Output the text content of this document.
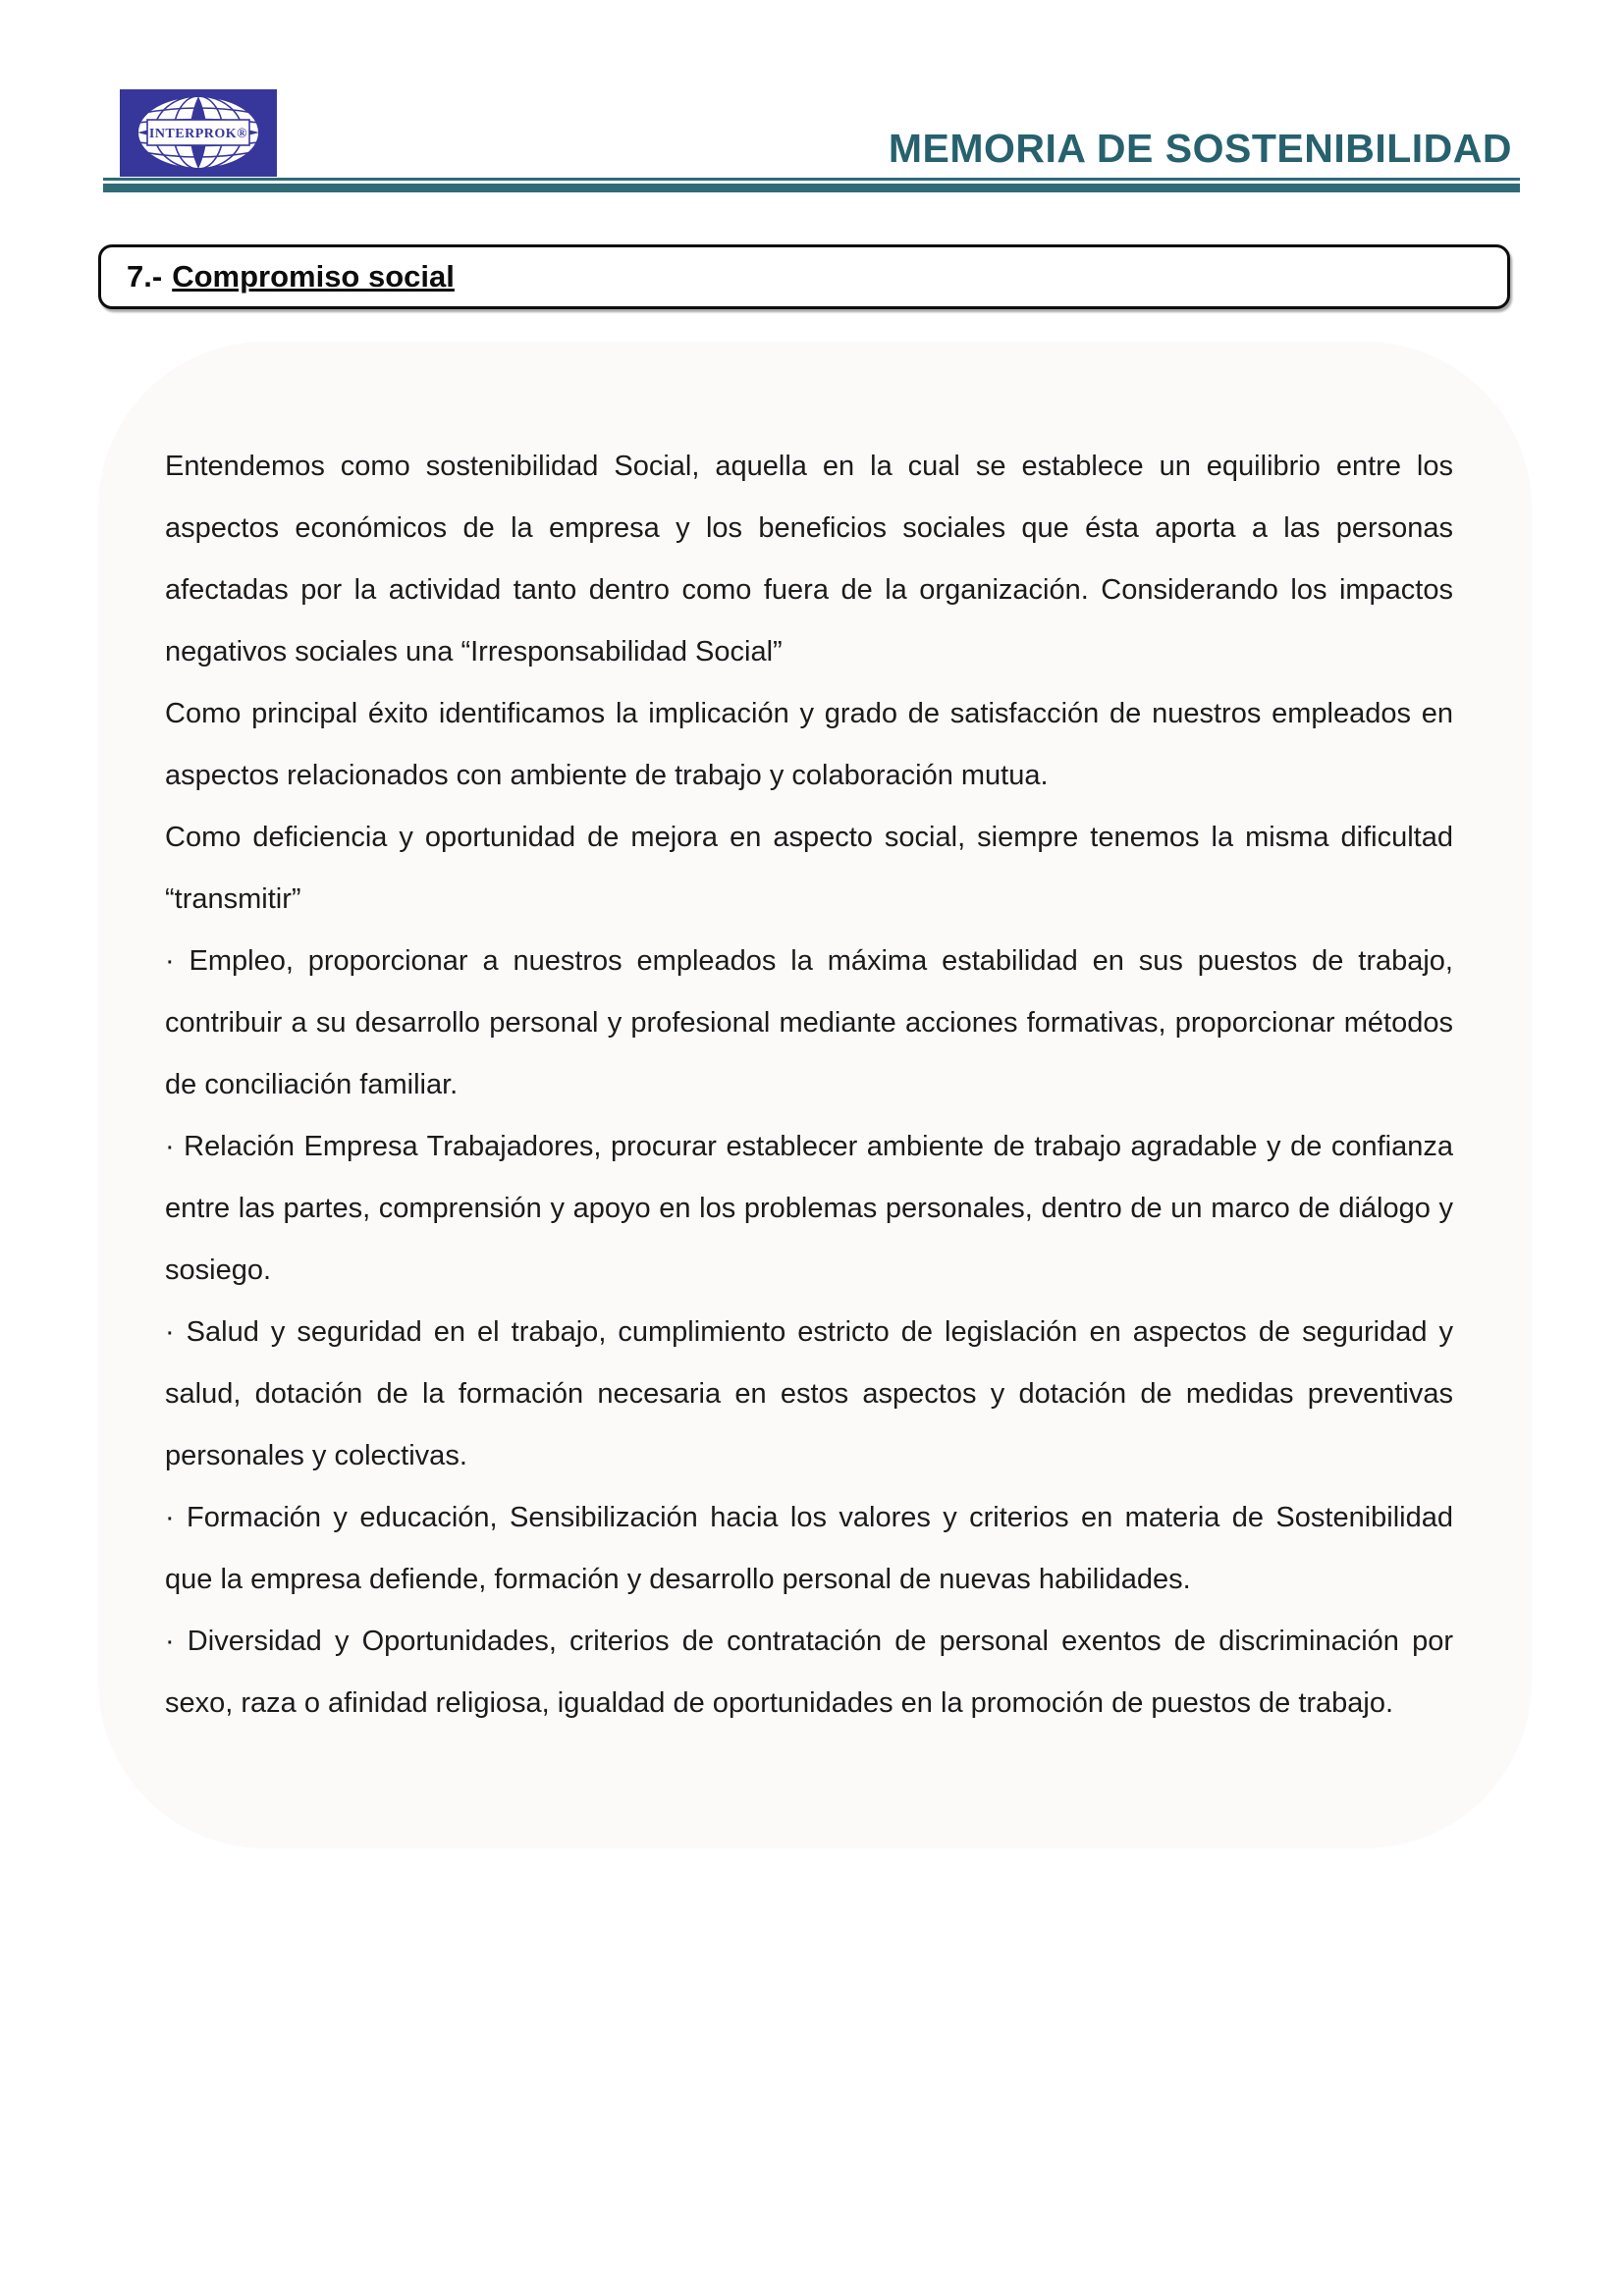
INTERPROK®	MEMORIA DE SOSTENIBILIDAD
7.- Compromiso social

Entendemos como sostenibilidad Social, aquella en la cual se establece un equilibrio entre los aspectos económicos de la empresa y los beneficios sociales que ésta aporta a las personas afectadas por la actividad tanto dentro como fuera de la organización. Considerando los impactos negativos sociales una “Irresponsabilidad Social”

Como principal éxito identificamos la implicación y grado de satisfacción de nuestros empleados en aspectos relacionados con ambiente de trabajo y colaboración mutua.

Como deficiencia y oportunidad de mejora en aspecto social, siempre tenemos la misma dificultad “transmitir”

· Empleo, proporcionar a nuestros empleados la máxima estabilidad en sus puestos de trabajo, contribuir a su desarrollo personal y profesional mediante acciones formativas, proporcionar métodos de conciliación familiar.

· Relación Empresa Trabajadores, procurar establecer ambiente de trabajo agradable y de confianza entre las partes, comprensión y apoyo en los problemas personales, dentro de un marco de diálogo y sosiego.

· Salud y seguridad en el trabajo, cumplimiento estricto de legislación en aspectos de seguridad y salud, dotación de la formación necesaria en estos aspectos y dotación de medidas preventivas personales y colectivas.

· Formación y educación, Sensibilización hacia los valores y criterios en materia de Sostenibilidad que la empresa defiende, formación y desarrollo personal de nuevas habilidades.

· Diversidad y Oportunidades, criterios de contratación de personal exentos de discriminación por sexo, raza o afinidad religiosa, igualdad de oportunidades en la promoción de puestos de trabajo.
